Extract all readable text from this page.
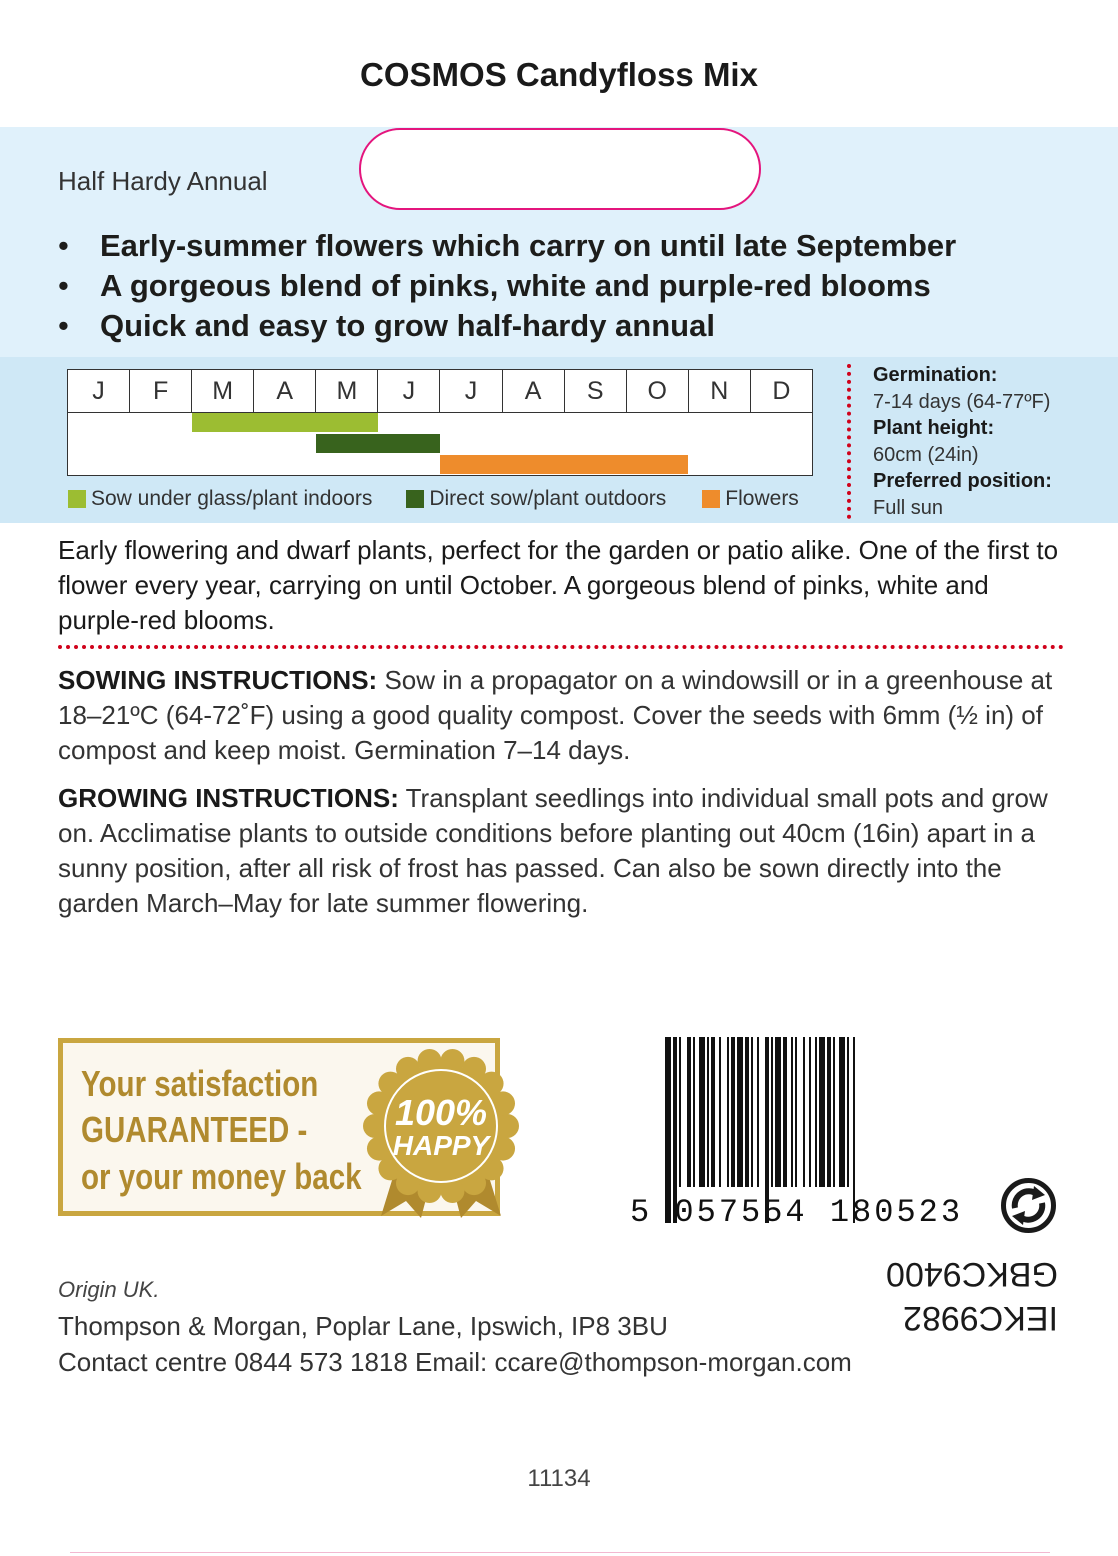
COSMOS Candyfloss Mix
Half Hardy Annual
• Early-summer flowers which carry on until late September
• A gorgeous blend of pinks, white and purple-red blooms
• Quick and easy to grow half-hardy annual
J	F	M	A	M	J	J	A	S	O	N	D
Sow under glass/plant indoors	Direct sow/plant outdoors	Flowers
Germination:
7-14 days (64-77ºF)
Plant height:
60cm (24in)
Preferred position:
Full sun
Early flowering and dwarf plants, perfect for the garden or patio alike. One of the first to flower every year, carrying on until October. A gorgeous blend of pinks, white and purple-red blooms.
SOWING INSTRUCTIONS: Sow in a propagator on a windowsill or in a greenhouse at 18–21ºC (64-72˚F) using a good quality compost. Cover the seeds with 6mm (½ in) of compost and keep moist. Germination 7–14 days.
GROWING INSTRUCTIONS: Transplant seedlings into individual small pots and grow on. Acclimatise plants to outside conditions before planting out 40cm (16in) apart in a sunny position, after all risk of frost has passed. Can also be sown directly into the garden March–May for late summer flowering.
Your satisfaction
GUARANTEED -
or your money back
100%
HAPPY
5 057554 180523
IEKC9982
GBKC9400
Origin UK.
Thompson & Morgan, Poplar Lane, Ipswich, IP8 3BU
Contact centre 0844 573 1818 Email: ccare@thompson-morgan.com
11134
